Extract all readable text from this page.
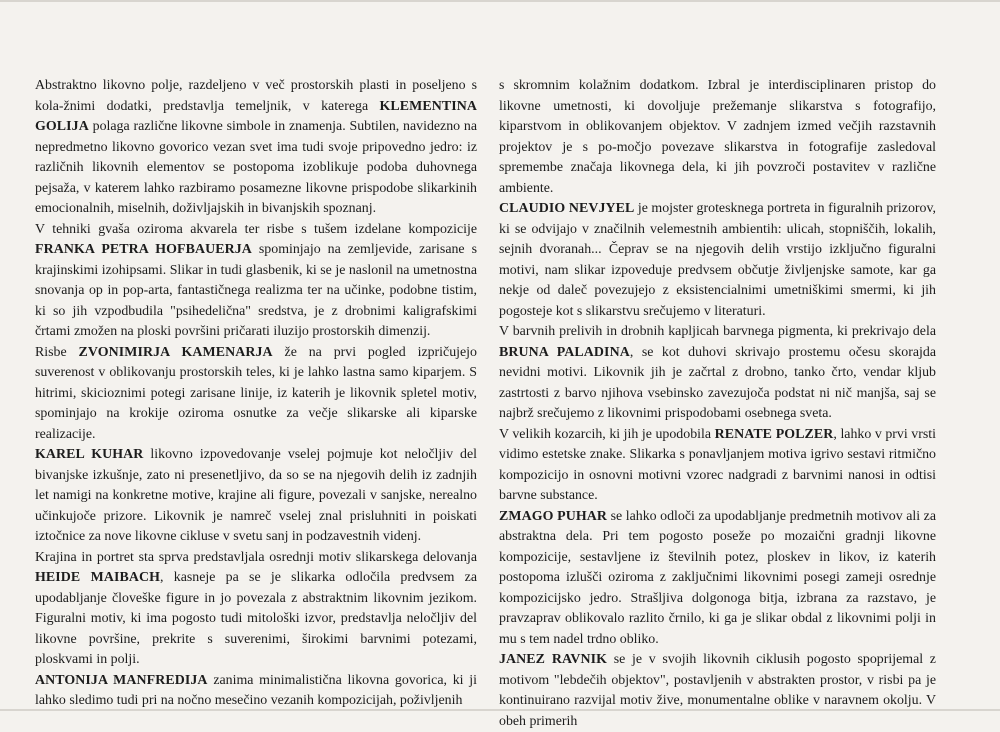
Abstraktno likovno polje, razdeljeno v več prostorskih plasti in poseljeno s kola-žnimi dodatki, predstavlja temeljnik, v katerega KLEMENTINA GOLIJA polaga različne likovne simbole in znamenja. Subtilen, navidezno na nepredmetno likovno govorico vezan svet ima tudi svoje pripovedno jedro: iz različnih likovnih elementov se postopoma izoblikuje podoba duhovnega pejsaža, v katerem lahko razbiramo posamezne likovne prispodobe slikarkinih emocionalnih, miselnih, doživljajskih in bivanjskih spoznanj.

V tehniki gvaša oziroma akvarela ter risbe s tušem izdelane kompozicije FRANKA PETRA HOFBAUERJA spominjajo na zemljevide, zarisane s krajinskimi izohipsami. Slikar in tudi glasbenik, ki se je naslonil na umetnostna snovanja op in pop-arta, fantastičnega realizma ter na učinke, podobne tistim, ki so jih vzpodbudila "psihedelična" sredstva, je z drobnimi kaligrafskimi črtami zmožen na ploski površini pričarati iluzijo prostorskih dimenzij.

Risbe ZVONIMIRJA KAMENARJA že na prvi pogled izpričujejo suverenost v oblikovanju prostorskih teles, ki je lahko lastna samo kiparjem. S hitrimi, skicioznimi potegi zarisane linije, iz katerih je likovnik spletel motiv, spominjajo na krokije oziroma osnutke za večje slikarske ali kiparske realizacije.

KAREL KUHAR likovno izpovedovanje vselej pojmuje kot neločljiv del bivanjske izkušnje, zato ni presenetljivo, da so se na njegovih delih iz zadnjih let namigi na konkretne motive, krajine ali figure, povezali v sanjske, nerealno učinkujoče prizore. Likovnik je namreč vselej znal prisluhniti in poiskati iztočnice za nove likovne cikluse v svetu sanj in podzavestnih videnj.

Krajina in portret sta sprva predstavljala osrednji motiv slikarskega delovanja HEIDE MAIBACH, kasneje pa se je slikarka odločila predvsem za upodabljanje človeške figure in jo povezala z abstraktnim likovnim jezikom. Figuralni motiv, ki ima pogosto tudi mitološki izvor, predstavlja neločljiv del likovne površine, prekrite s suverenimi, širokimi barvnimi potezami, ploskvami in polji.

ANTONIJA MANFREDIJA zanima minimalistična likovna govorica, ki ji lahko sledimo tudi pri na nočno mesečino vezanih kompozicijah, poživljenih

s skromnim kolažnim dodatkom. Izbral je interdisciplinaren pristop do likovne umetnosti, ki dovoljuje prežemanje slikarstva s fotografijo, kiparstvom in oblikovanjem objektov. V zadnjem izmed večjih razstavnih projektov je s po-močjo povezave slikarstva in fotografije zasledoval spremembe značaja likovnega dela, ki jih povzroči postavitev v različne ambiente.

CLAUDIO NEVJYEL je mojster grotesknega portreta in figuralnih prizorov, ki se odvijajo v značilnih velemestnih ambientih: ulicah, stopniščih, lokalih, sejnih dvoranah... Čeprav se na njegovih delih vrstijo izključno figuralni motivi, nam slikar izpoveduje predvsem občutje življenjske samote, kar ga nekje od daleč povezujejo z eksistencialnimi umetniškimi smermi, ki jih pogosteje kot s slikarstvu srečujemo v literaturi.

V barvnih prelivih in drobnih kapljicah barvnega pigmenta, ki prekrivajo dela BRUNA PALADINA, se kot duhovi skrivajo prostemu očesu skorajda nevidni motivi. Likovnik jih je začrtal z drobno, tanko črto, vendar kljub zastrtosti z barvo njihova vsebinsko zavezujoča podstat ni nič manjša, saj se najbrž srečujemo z likovnimi prispodobami osebnega sveta.

V velikih kozarcih, ki jih je upodobila RENATE POLZER, lahko v prvi vrsti vidimo estetske znake. Slikarka s ponavljanjem motiva igrivo sestavi ritmično kompozicijo in osnovni motivni vzorec nadgradi z barvnimi nanosi in odtisi barvne substance.

ZMAGO PUHAR se lahko odloči za upodabljanje predmetnih motivov ali za abstraktna dela. Pri tem pogosto poseže po mozaični gradnji likovne kompozicije, sestavljene iz številnih potez, ploskev in likov, iz katerih postopoma izlušči oziroma z zaključnimi likovnimi posegi zameji osrednje kompozicijsko jedro. Strašljiva dolgonoga bitja, izbrana za razstavo, je pravzaprav oblikovalo razlito črnilo, ki ga je slikar obdal z likovnimi polji in mu s tem nadel trdno obliko.

JANEZ RAVNIK se je v svojih likovnih ciklusih pogosto spoprijemal z motivom "lebdečih objektov", postavljenih v abstrakten prostor, v risbi pa je kontinuirano razvijal motiv žive, monumentalne oblike v naravnem okolju. V obeh primerih
